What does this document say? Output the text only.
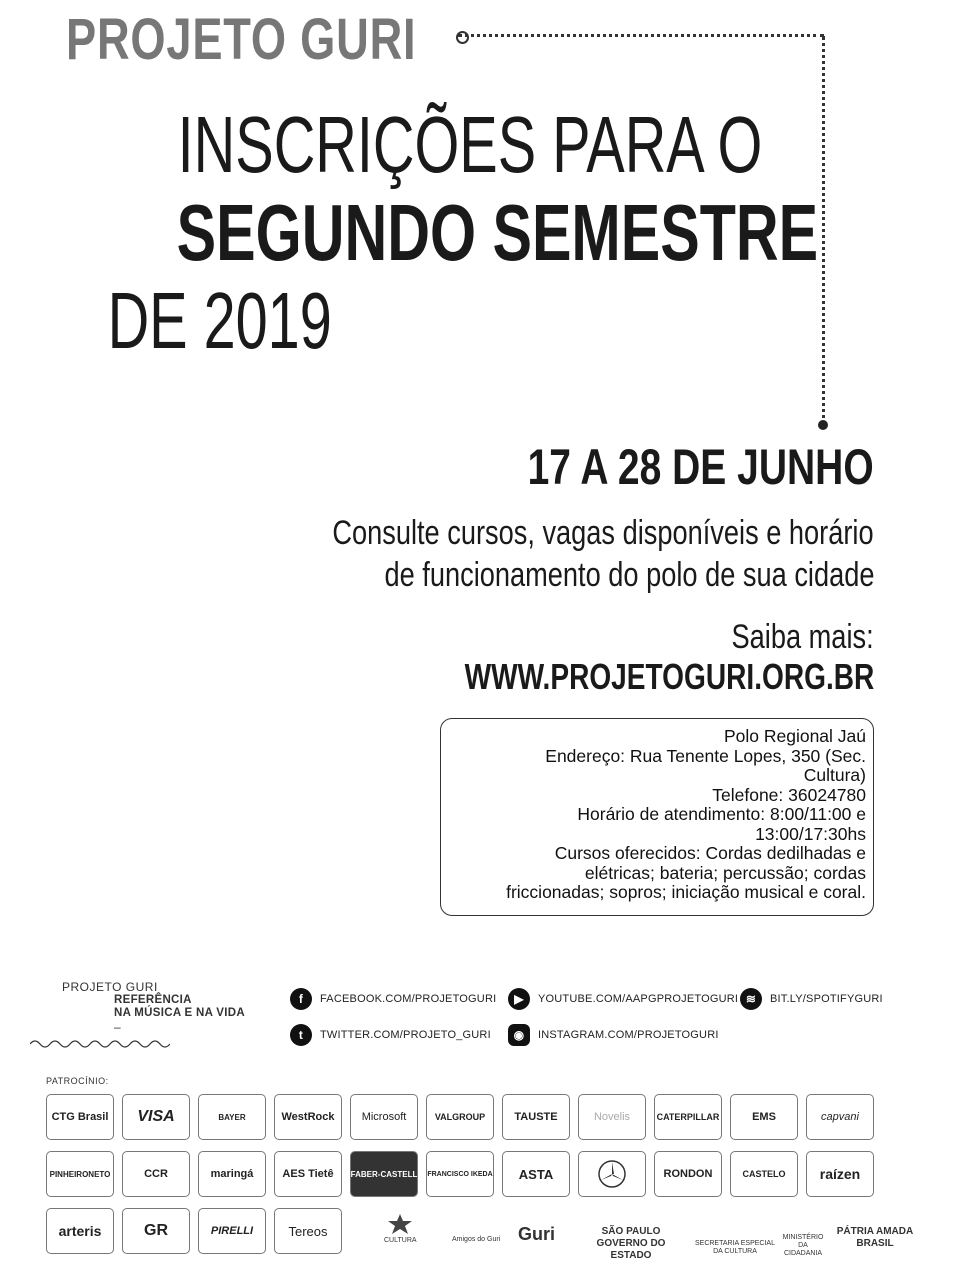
PROJETO GURI
INSCRIÇÕES PARA O
SEGUNDO SEMESTRE
DE 2019
17 A 28 DE JUNHO
Consulte cursos, vagas disponíveis e horário
de funcionamento do polo de sua cidade
Saiba mais:
WWW.PROJETOGURI.ORG.BR
Polo Regional Jaú
Endereço: Rua Tenente Lopes, 350 (Sec.
Cultura)
Telefone: 36024780
Horário de atendimento: 8:00/11:00 e
13:00/17:30hs
Cursos oferecidos: Cordas dedilhadas e
elétricas; bateria; percussão; cordas
friccionadas; sopros; iniciação musical e coral.
PROJETO GURI
REFERÊNCIA
NA MÚSICA E NA VIDA
–
f	FACEBOOK.COM/PROJETOGURI	▶	YOUTUBE.COM/AAPGPROJETOGURI ≋	BIT.LY/SPOTIFYGURI
t	TWITTER.COM/PROJETO_GURI	◉	INSTAGRAM.COM/PROJETOGURI
PATROCÍNIO:
CTG Brasil	VISA	BAYER	WestRock	Microsoft	VALGROUP	TAUSTE	Novelis	CATERPILLAR	EMS	capvani
PINHEIRONETO	CCR	maringá	AES Tietê	FABER-CASTELL FRANCISCO IKEDA	ASTA	RONDON	CASTELO	raízen
arteris	GR	PIRELLI	Tereos
CULTURA	Amigos do Guri Guri	SÃO PAULO GOVERNO DO ESTADO
SECRETARIA ESPECIAL DA CULTURA
MINISTÉRIO DA CIDADANIA
PÁTRIA AMADA BRASIL
